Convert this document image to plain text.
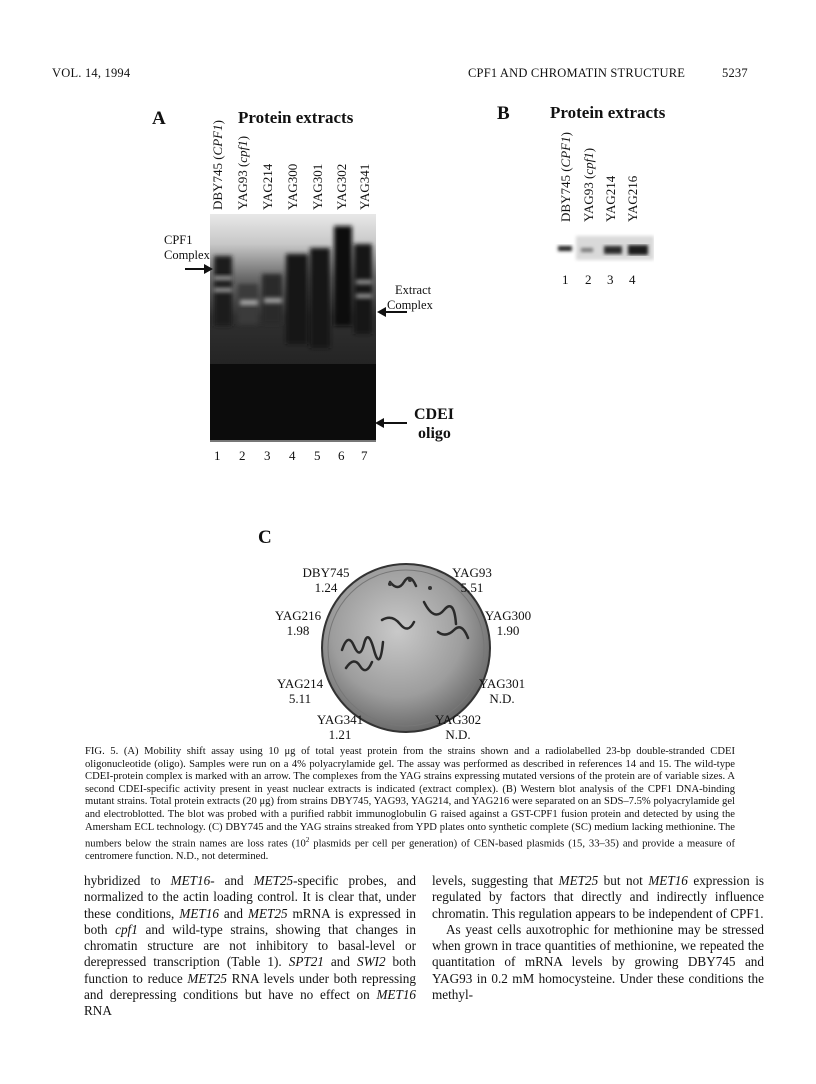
VOL. 14, 1994	CPF1 AND CHROMATIN STRUCTURE	5237
A	Protein extracts
DBY745 (CPF1)
YAG93 (cpf1)
YAG214 YAG300 YAG301 YAG302 YAG341
1 2 3 4 5 6 7
CPF1
Complex
Extract
Complex
CDEI
oligo
B Protein extracts
DBY745 (CPF1)
YAG93 (cpf1)
YAG214 YAG216
1 2 3 4
C
DBY745
1.24
YAG93
5.51
YAG216
1.98
YAG300
1.90
YAG214
5.11
YAG301
N.D.
YAG341
1.21
YAG302
N.D.
FIG. 5. (A) Mobility shift assay using 10 μg of total yeast protein from the strains shown and a radiolabelled 23-bp double-stranded CDEI oligonucleotide (oligo). Samples were run on a 4% polyacrylamide gel. The assay was performed as described in references 14 and 15. The wild-type CDEI-protein complex is marked with an arrow. The complexes from the YAG strains expressing mutated versions of the protein are of variable sizes. A second CDEI-specific activity present in yeast nuclear extracts is indicated (extract complex). (B) Western blot analysis of the CPF1 DNA-binding mutant strains. Total protein extracts (20 μg) from strains DBY745, YAG93, YAG214, and YAG216 were separated on an SDS–7.5% polyacrylamide gel and electroblotted. The blot was probed with a purified rabbit immunoglobulin G raised against a GST-CPF1 fusion protein and detected by using the Amersham ECL technology. (C) DBY745 and the YAG strains streaked from YPD plates onto synthetic complete (SC) medium lacking methionine. The numbers below the strain names are loss rates ($10^2$ plasmids per cell per generation) of CEN-based plasmids (15, 33–35) and provide a measure of centromere function. N.D., not determined.

hybridized to MET16- and MET25-specific probes, and normalized to the actin loading control. It is clear that, under these conditions, MET16 and MET25 mRNA is expressed in both cpf1 and wild-type strains, showing that changes in chromatin structure are not inhibitory to basal-level or derepressed transcription (Table 1). SPT21 and SWI2 both function to reduce MET25 RNA levels under both repressing and derepressing conditions but have no effect on MET16 RNA

levels, suggesting that MET25 but not MET16 expression is regulated by factors that directly and indirectly influence chromatin. This regulation appears to be independent of CPF1.

As yeast cells auxotrophic for methionine may be stressed when grown in trace quantities of methionine, we repeated the quantitation of mRNA levels by growing DBY745 and YAG93 in 0.2 mM homocysteine. Under these conditions the methyl-
